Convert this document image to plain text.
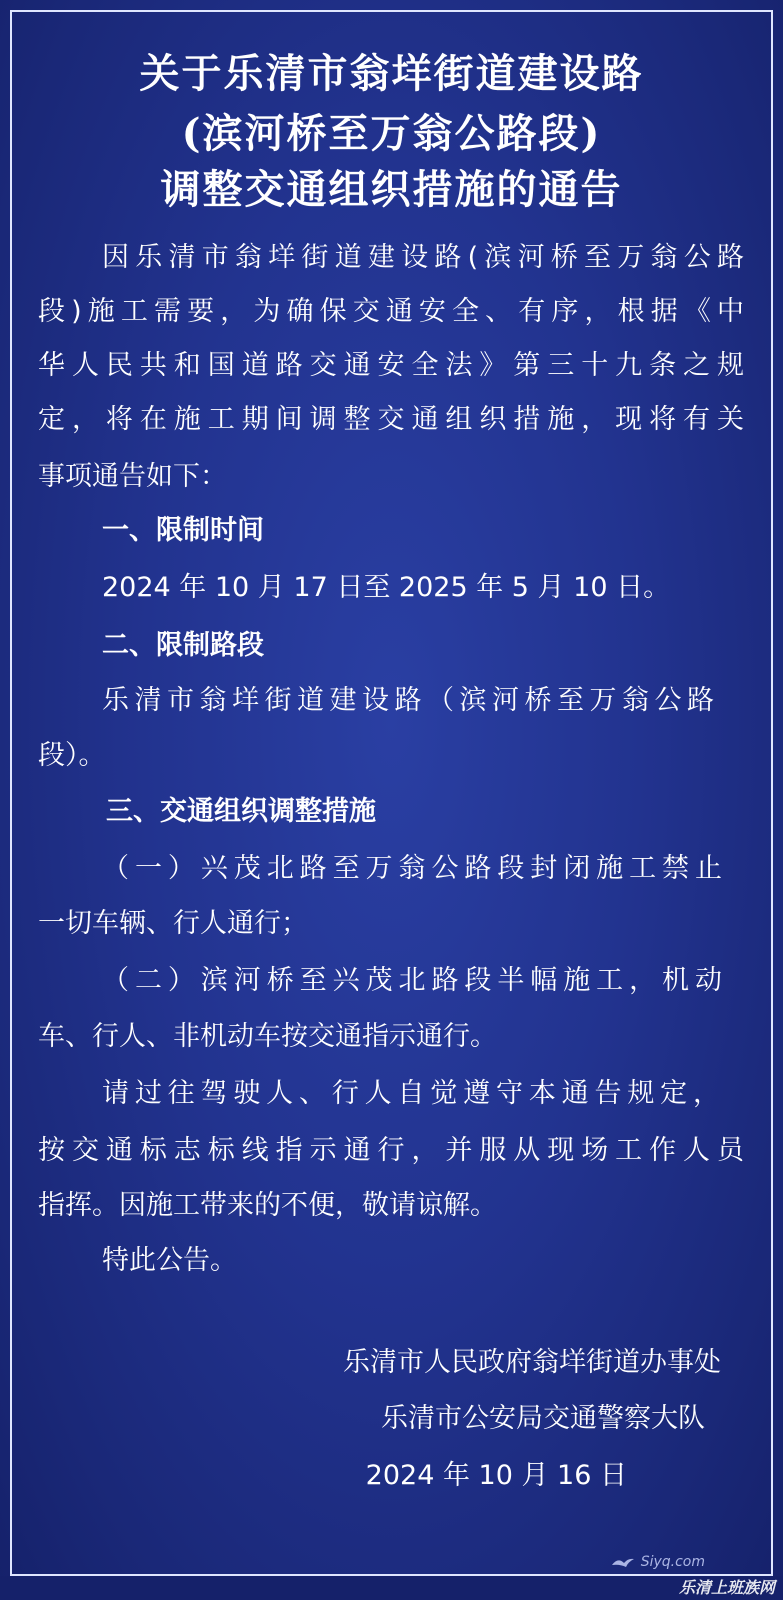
关于乐清市翁垟街道建设路
(滨河桥至万翁公路段)
调整交通组织措施的通告
因乐清市翁垟街道建设路(滨河桥至万翁公路
段)施工需要，为确保交通安全、有序，根据《中
华人民共和国道路交通安全法》第三十九条之规
定，将在施工期间调整交通组织措施，现将有关
事项通告如下：
一、限制时间
2024 年 10 月 17 日至 2025 年 5 月 10 日。
二、限制路段
乐清市翁垟街道建设路（滨河桥至万翁公路
段）。
三、交通组织调整措施
（一）兴茂北路至万翁公路段封闭施工禁止
一切车辆、行人通行；
（二）滨河桥至兴茂北路段半幅施工，机动
车、行人、非机动车按交通指示通行。
请过往驾驶人、行人自觉遵守本通告规定，
按交通标志标线指示通行，并服从现场工作人员
指挥。因施工带来的不便，敬请谅解。
特此公告。
乐清市人民政府翁垟街道办事处
乐清市公安局交通警察大队
2024 年 10 月 16 日
Siyq.com
乐清上班族网
